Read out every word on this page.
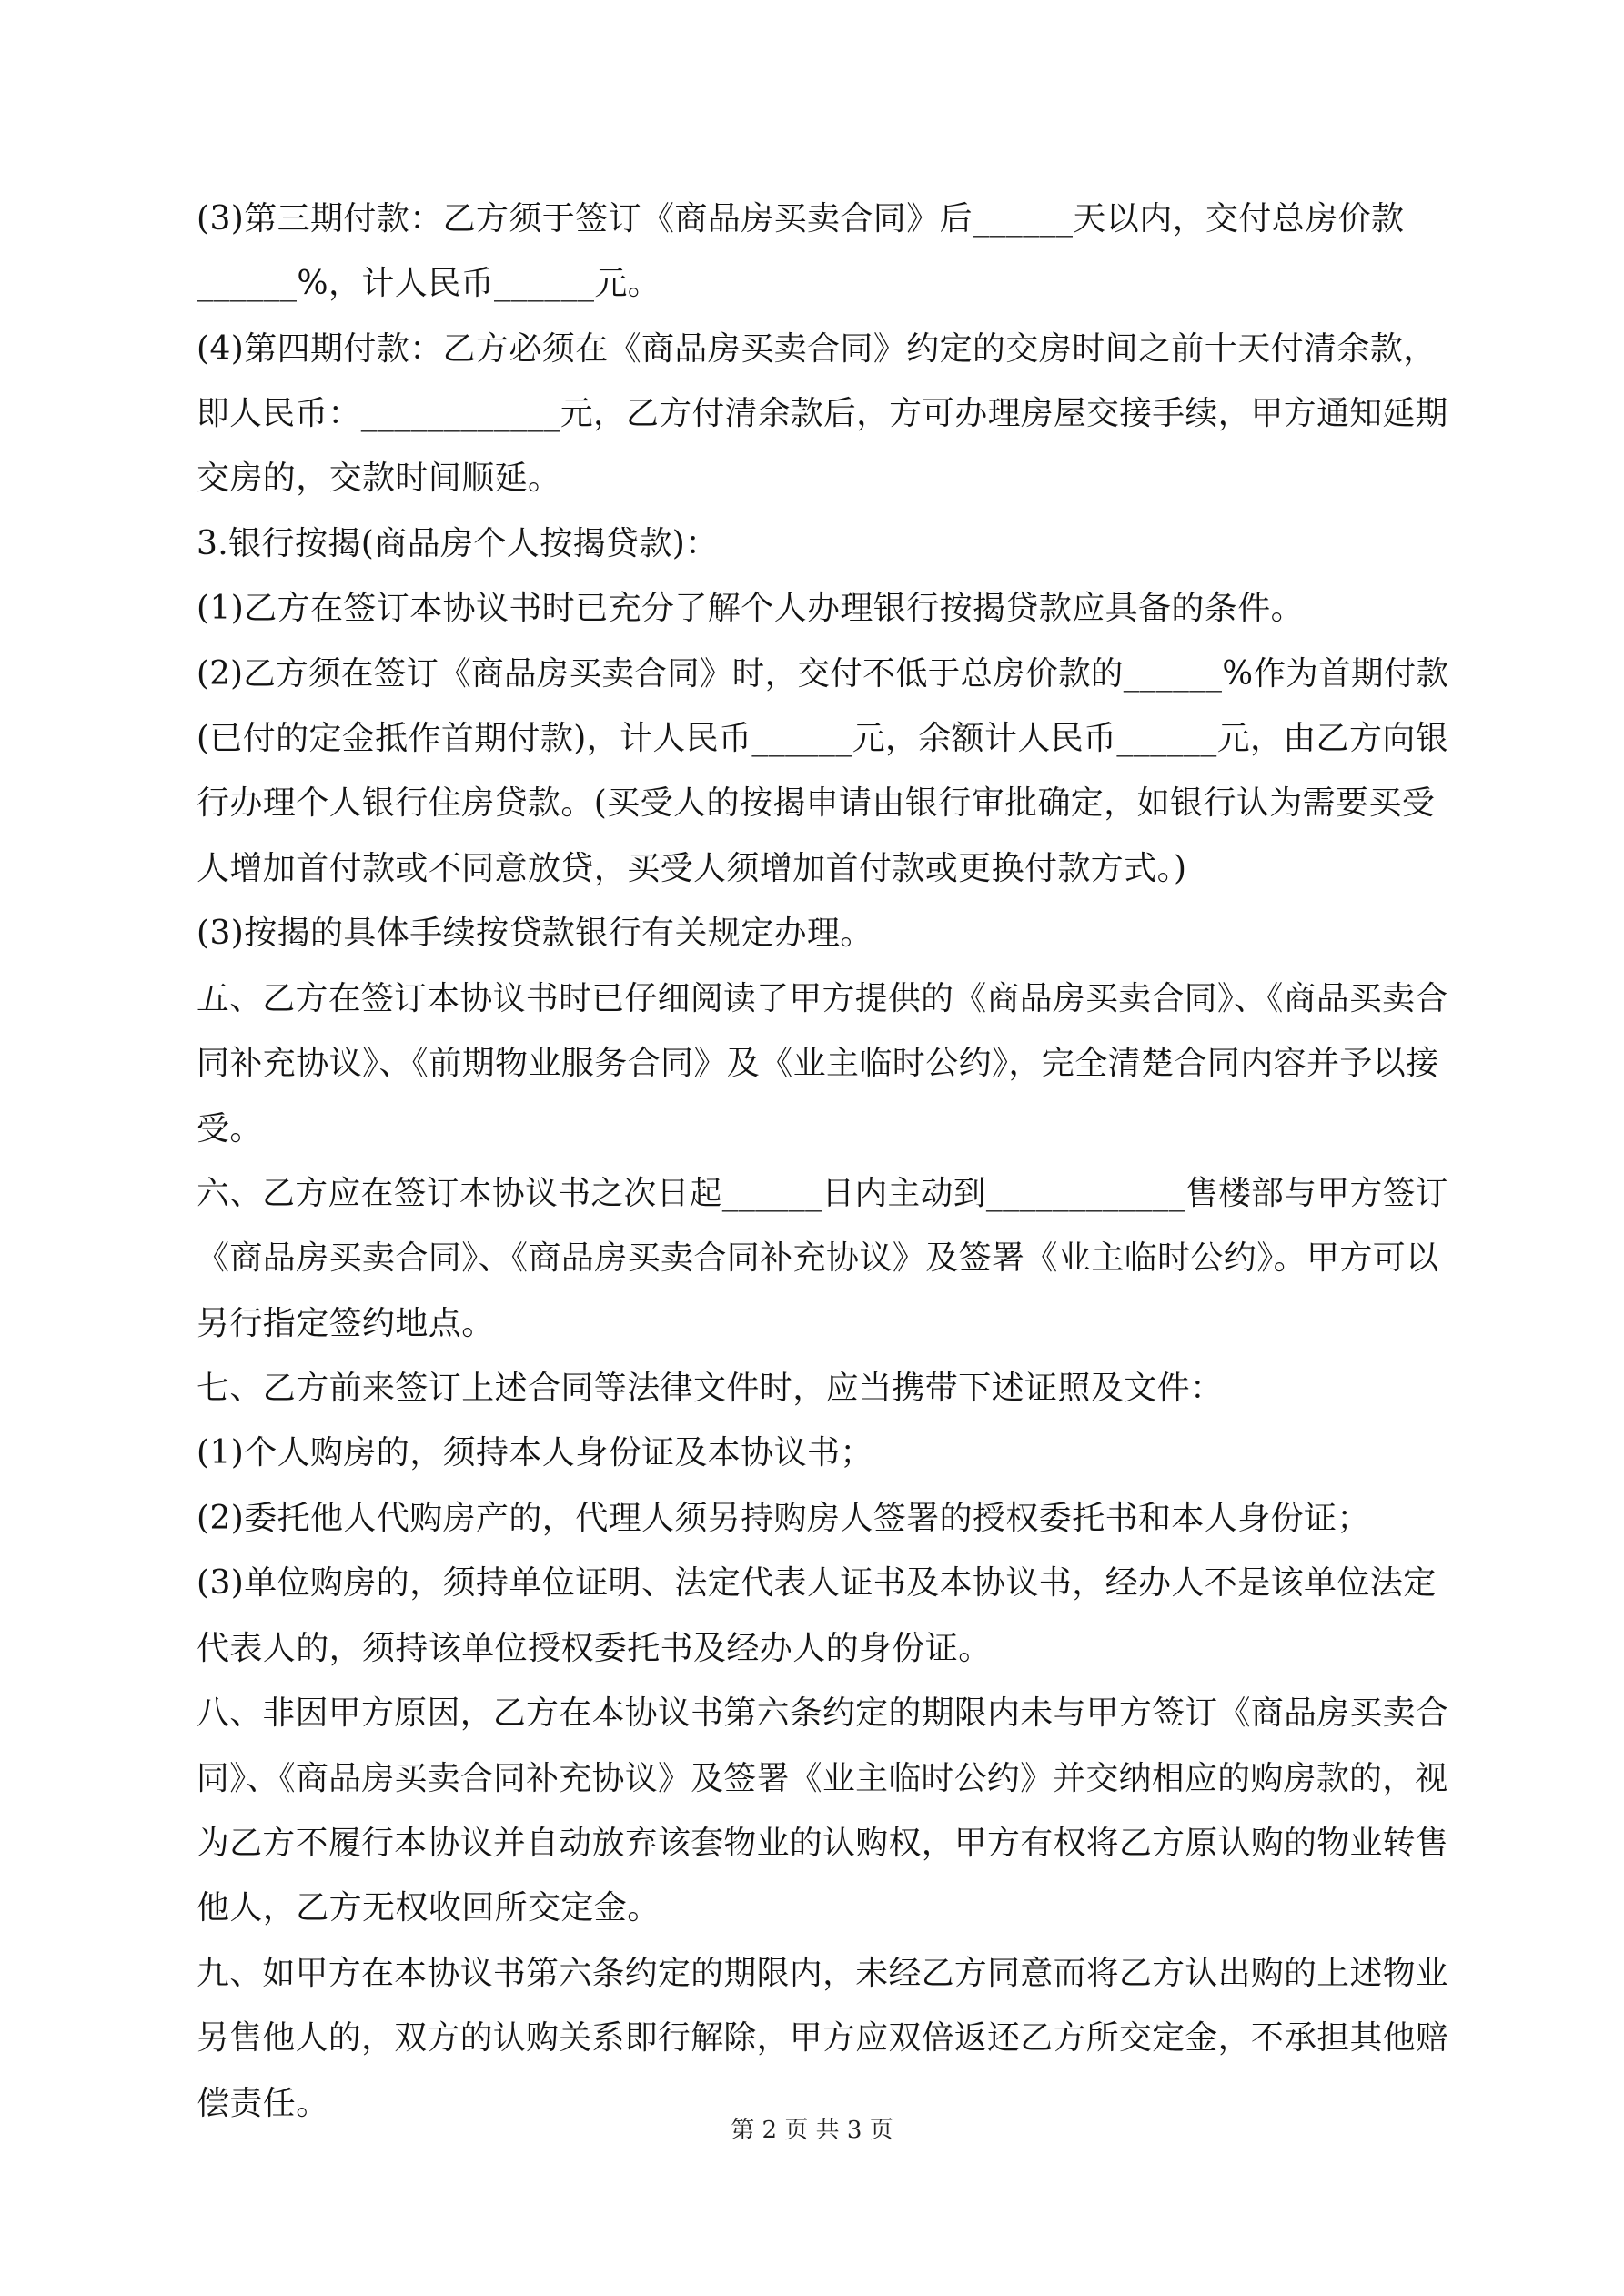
(3)第三期付款：乙方须于签订《商品房买卖合同》后______天以内，交付总房价款
______%，计人民币______元。
(4)第四期付款：乙方必须在《商品房买卖合同》约定的交房时间之前十天付清余款，
即人民币：____________元，乙方付清余款后，方可办理房屋交接手续，甲方通知延期
交房的，交款时间顺延。
3.银行按揭(商品房个人按揭贷款)：
(1)乙方在签订本协议书时已充分了解个人办理银行按揭贷款应具备的条件。
(2)乙方须在签订《商品房买卖合同》时，交付不低于总房价款的______%作为首期付款
(已付的定金抵作首期付款)，计人民币______元，余额计人民币______元，由乙方向银
行办理个人银行住房贷款。(买受人的按揭申请由银行审批确定，如银行认为需要买受
人增加首付款或不同意放贷，买受人须增加首付款或更换付款方式。)
(3)按揭的具体手续按贷款银行有关规定办理。
五、乙方在签订本协议书时已仔细阅读了甲方提供的《商品房买卖合同》、《商品买卖合
同补充协议》、《前期物业服务合同》及《业主临时公约》，完全清楚合同内容并予以接
受。
六、乙方应在签订本协议书之次日起______日内主动到____________售楼部与甲方签订
《商品房买卖合同》、《商品房买卖合同补充协议》及签署《业主临时公约》。甲方可以
另行指定签约地点。
七、乙方前来签订上述合同等法律文件时，应当携带下述证照及文件：
(1)个人购房的，须持本人身份证及本协议书；
(2)委托他人代购房产的，代理人须另持购房人签署的授权委托书和本人身份证；
(3)单位购房的，须持单位证明、法定代表人证书及本协议书，经办人不是该单位法定
代表人的，须持该单位授权委托书及经办人的身份证。
八、非因甲方原因，乙方在本协议书第六条约定的期限内未与甲方签订《商品房买卖合
同》、《商品房买卖合同补充协议》及签署《业主临时公约》并交纳相应的购房款的，视
为乙方不履行本协议并自动放弃该套物业的认购权，甲方有权将乙方原认购的物业转售
他人，乙方无权收回所交定金。
九、如甲方在本协议书第六条约定的期限内，未经乙方同意而将乙方认出购的上述物业
另售他人的，双方的认购关系即行解除，甲方应双倍返还乙方所交定金，不承担其他赔
偿责任。
第 2 页 共 3 页
